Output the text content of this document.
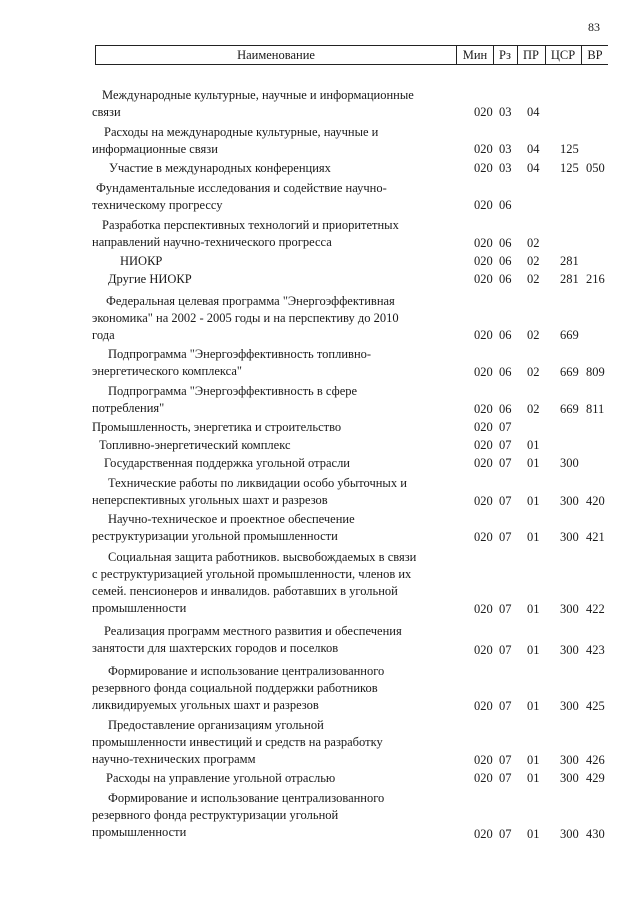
83
Наименование	Мин Рз ПР ЦСР ВР
Международные культурные, научные и информационные
связи	020 03 04
Расходы на международные культурные, научные и
информационные связи	020 03 04 125
Участие в международных конференциях	020 03 04 125 050
Фундаментальные исследования и содействие научно-
техническому прогрессу	020 06
Разработка перспективных технологий и приоритетных
направлений научно-технического прогресса	020 06 02
НИОКР	020 06 02 281
Другие НИОКР	020 06 02 281 216
Федеральная целевая программа "Энергоэффективная
экономика" на 2002 - 2005 годы и на перспективу до 2010
года	020 06 02 669
Подпрограмма "Энергоэффективность топливно-
энергетического комплекса"	020 06 02 669 809
Подпрограмма "Энергоэффективность в сфере
потребления"	020 06 02 669 811
Промышленность, энергетика и строительство	020 07
Топливно-энергетический комплекс	020 07 01
Государственная поддержка угольной отрасли	020 07 01 300
Технические работы по ликвидации особо убыточных и
неперспективных угольных шахт и разрезов	020 07 01 300 420
Научно-техническое и проектное обеспечение
реструктуризации угольной промышленности	020 07 01 300 421
Социальная защита работников. высвобождаемых в связи
с реструктуризацией угольной промышленности, членов их
семей. пенсионеров и инвалидов. работавших в угольной
промышленности	020 07 01 300 422
Реализация программ местного развития и обеспечения
занятости для шахтерских городов и поселков	020 07 01 300 423
Формирование и использование централизованного
резервного фонда социальной поддержки работников
ликвидируемых угольных шахт и разрезов	020 07 01 300 425
Предоставление организациям угольной
промышленности инвестиций и средств на разработку
научно-технических программ	020 07 01 300 426
Расходы на управление угольной отраслью	020 07 01 300 429
Формирование и использование централизованного
резервного фонда реструктуризации угольной
промышленности	020 07 01 300 430
